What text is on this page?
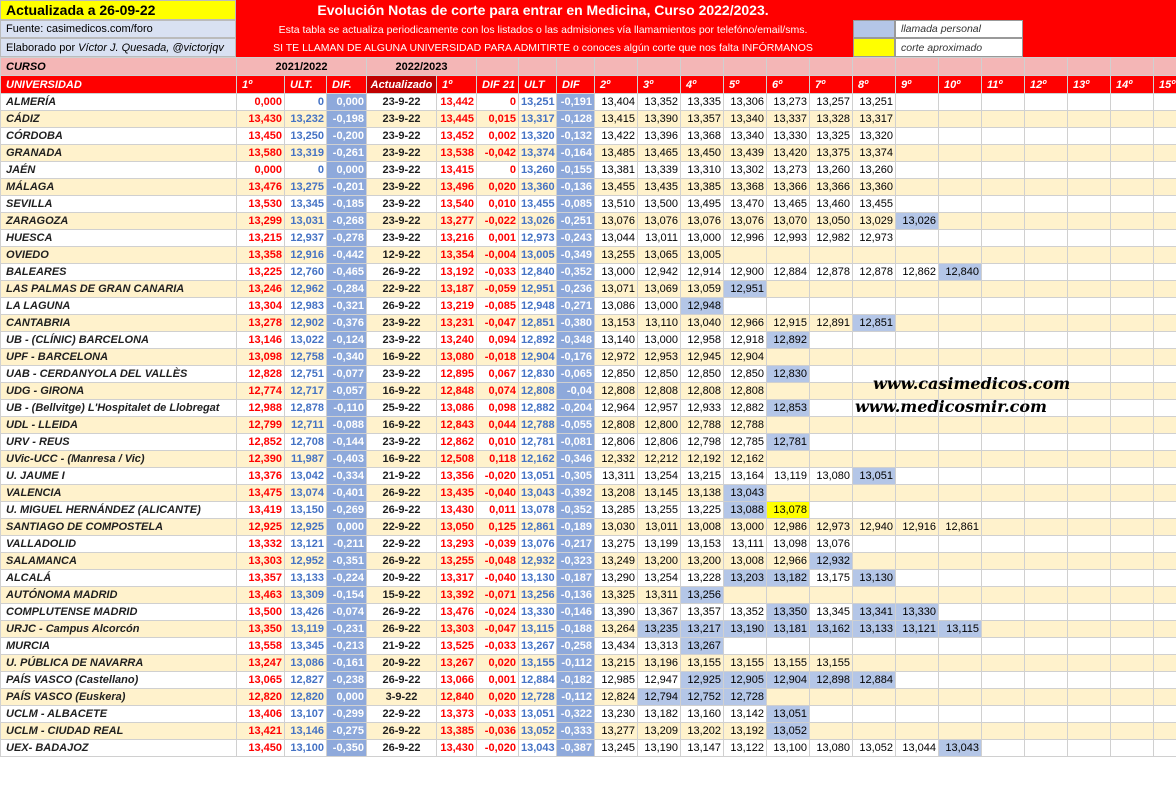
Actualizada a 26-09-22
Fuente: casimedicos.com/foro
Elaborado por
Víctor J. Quesada, @victorjqv
Evolución Notas de corte para entrar en Medicina, Curso 2022/2023.
Esta tabla se actualiza periodicamente con los listados o las admisiones vía llamamientos por telefóno/email/sms.
SI TE LLAMAN DE ALGUNA UNIVERSIDAD PARA ADMITIRTE o conoces algún corte que nos falta INFÓRMANOS
llamada personal
corte aproximado
CURSO	2021/2022			2022/2023																		
UNIVERSIDAD	1º	ULT.	DIF.	Actualizado	1º	DIF 21	ULT	DIF	2º	3º	4º	5º	6º	7º	8º	9º	10º	11º	12º	13º	14º	15º
ALMERÍA	0,000	0	0,000	23-9-22	13,442	0	13,251	-0,191	13,404	13,352	13,335	13,306	13,273	13,257	13,251							
CÁDIZ	13,430	13,232	-0,198	23-9-22	13,445	0,015	13,317	-0,128	13,415	13,390	13,357	13,340	13,337	13,328	13,317							
CÓRDOBA	13,450	13,250	-0,200	23-9-22	13,452	0,002	13,320	-0,132	13,422	13,396	13,368	13,340	13,330	13,325	13,320							
GRANADA	13,580	13,319	-0,261	23-9-22	13,538	-0,042	13,374	-0,164	13,485	13,465	13,450	13,439	13,420	13,375	13,374							
JAÉN	0,000	0	0,000	23-9-22	13,415	0	13,260	-0,155	13,381	13,339	13,310	13,302	13,273	13,260	13,260							
MÁLAGA	13,476	13,275	-0,201	23-9-22	13,496	0,020	13,360	-0,136	13,455	13,435	13,385	13,368	13,366	13,366	13,360							
SEVILLA	13,530	13,345	-0,185	23-9-22	13,540	0,010	13,455	-0,085	13,510	13,500	13,495	13,470	13,465	13,460	13,455							
ZARAGOZA	13,299	13,031	-0,268	23-9-22	13,277	-0,022	13,026	-0,251	13,076	13,076	13,076	13,076	13,070	13,050	13,029	13,026						
HUESCA	13,215	12,937	-0,278	23-9-22	13,216	0,001	12,973	-0,243	13,044	13,011	13,000	12,996	12,993	12,982	12,973							
OVIEDO	13,358	12,916	-0,442	12-9-22	13,354	-0,004	13,005	-0,349	13,255	13,065	13,005											
BALEARES	13,225	12,760	-0,465	26-9-22	13,192	-0,033	12,840	-0,352	13,000	12,942	12,914	12,900	12,884	12,878	12,878	12,862	12,840					
LAS PALMAS DE GRAN CANARIA	13,246	12,962	-0,284	22-9-22	13,187	-0,059	12,951	-0,236	13,071	13,069	13,059	12,951										
LA LAGUNA	13,304	12,983	-0,321	26-9-22	13,219	-0,085	12,948	-0,271	13,086	13,000	12,948											
CANTABRIA	13,278	12,902	-0,376	23-9-22	13,231	-0,047	12,851	-0,380	13,153	13,110	13,040	12,966	12,915	12,891	12,851							
UB - (CLÍNIC) BARCELONA	13,146	13,022	-0,124	23-9-22	13,240	0,094	12,892	-0,348	13,140	13,000	12,958	12,918	12,892									
UPF - BARCELONA	13,098	12,758	-0,340	16-9-22	13,080	-0,018	12,904	-0,176	12,972	12,953	12,945	12,904										
UAB - CERDANYOLA DEL VALLÈS	12,828	12,751	-0,077	23-9-22	12,895	0,067	12,830	-0,065	12,850	12,850	12,850	12,850	12,830									
UDG - GIRONA	12,774	12,717	-0,057	16-9-22	12,848	0,074	12,808	-0,04	12,808	12,808	12,808	12,808										
UB - (Bellvitge) L'Hospitalet de Llobregat	12,988	12,878	-0,110	25-9-22	13,086	0,098	12,882	-0,204	12,964	12,957	12,933	12,882	12,853									
UDL - LLEIDA	12,799	12,711	-0,088	16-9-22	12,843	0,044	12,788	-0,055	12,808	12,800	12,788	12,788										
URV - REUS	12,852	12,708	-0,144	23-9-22	12,862	0,010	12,781	-0,081	12,806	12,806	12,798	12,785	12,781									
UVic-UCC - (Manresa / Vic)	12,390	11,987	-0,403	16-9-22	12,508	0,118	12,162	-0,346	12,332	12,212	12,192	12,162										
U. JAUME I	13,376	13,042	-0,334	21-9-22	13,356	-0,020	13,051	-0,305	13,311	13,254	13,215	13,164	13,119	13,080	13,051							
VALENCIA	13,475	13,074	-0,401	26-9-22	13,435	-0,040	13,043	-0,392	13,208	13,145	13,138	13,043										
U. MIGUEL HERNÁNDEZ (ALICANTE)	13,419	13,150	-0,269	26-9-22	13,430	0,011	13,078	-0,352	13,285	13,255	13,225	13,088	13,078									
SANTIAGO DE COMPOSTELA	12,925	12,925	0,000	22-9-22	13,050	0,125	12,861	-0,189	13,030	13,011	13,008	13,000	12,986	12,973	12,940	12,916	12,861					
VALLADOLID	13,332	13,121	-0,211	22-9-22	13,293	-0,039	13,076	-0,217	13,275	13,199	13,153	13,111	13,098	13,076								
SALAMANCA	13,303	12,952	-0,351	26-9-22	13,255	-0,048	12,932	-0,323	13,249	13,200	13,200	13,008	12,966	12,932								
ALCALÁ	13,357	13,133	-0,224	20-9-22	13,317	-0,040	13,130	-0,187	13,290	13,254	13,228	13,203	13,182	13,175	13,130							
AUTÓNOMA MADRID	13,463	13,309	-0,154	15-9-22	13,392	-0,071	13,256	-0,136	13,325	13,311	13,256											
COMPLUTENSE MADRID	13,500	13,426	-0,074	26-9-22	13,476	-0,024	13,330	-0,146	13,390	13,367	13,357	13,352	13,350	13,345	13,341	13,330						
URJC - Campus Alcorcón	13,350	13,119	-0,231	26-9-22	13,303	-0,047	13,115	-0,188	13,264	13,235	13,217	13,190	13,181	13,162	13,133	13,121	13,115					
MURCIA	13,558	13,345	-0,213	21-9-22	13,525	-0,033	13,267	-0,258	13,434	13,313	13,267											
U. PÚBLICA DE NAVARRA	13,247	13,086	-0,161	20-9-22	13,267	0,020	13,155	-0,112	13,215	13,196	13,155	13,155	13,155	13,155								
PAÍS VASCO (Castellano)	13,065	12,827	-0,238	26-9-22	13,066	0,001	12,884	-0,182	12,985	12,947	12,925	12,905	12,904	12,898	12,884							
PAÍS VASCO (Euskera)	12,820	12,820	0,000	3-9-22	12,840	0,020	12,728	-0,112	12,824	12,794	12,752	12,728										
UCLM - ALBACETE	13,406	13,107	-0,299	22-9-22	13,373	-0,033	13,051	-0,322	13,230	13,182	13,160	13,142	13,051									
UCLM - CIUDAD REAL	13,421	13,146	-0,275	26-9-22	13,385	-0,036	13,052	-0,333	13,277	13,209	13,202	13,192	13,052									
UEX- BADAJOZ	13,450	13,100	-0,350	26-9-22	13,430	-0,020	13,043	-0,387	13,245	13,190	13,147	13,122	13,100	13,080	13,052	13,044	13,043					
www.casimedicos.com
www.medicosmir.com
